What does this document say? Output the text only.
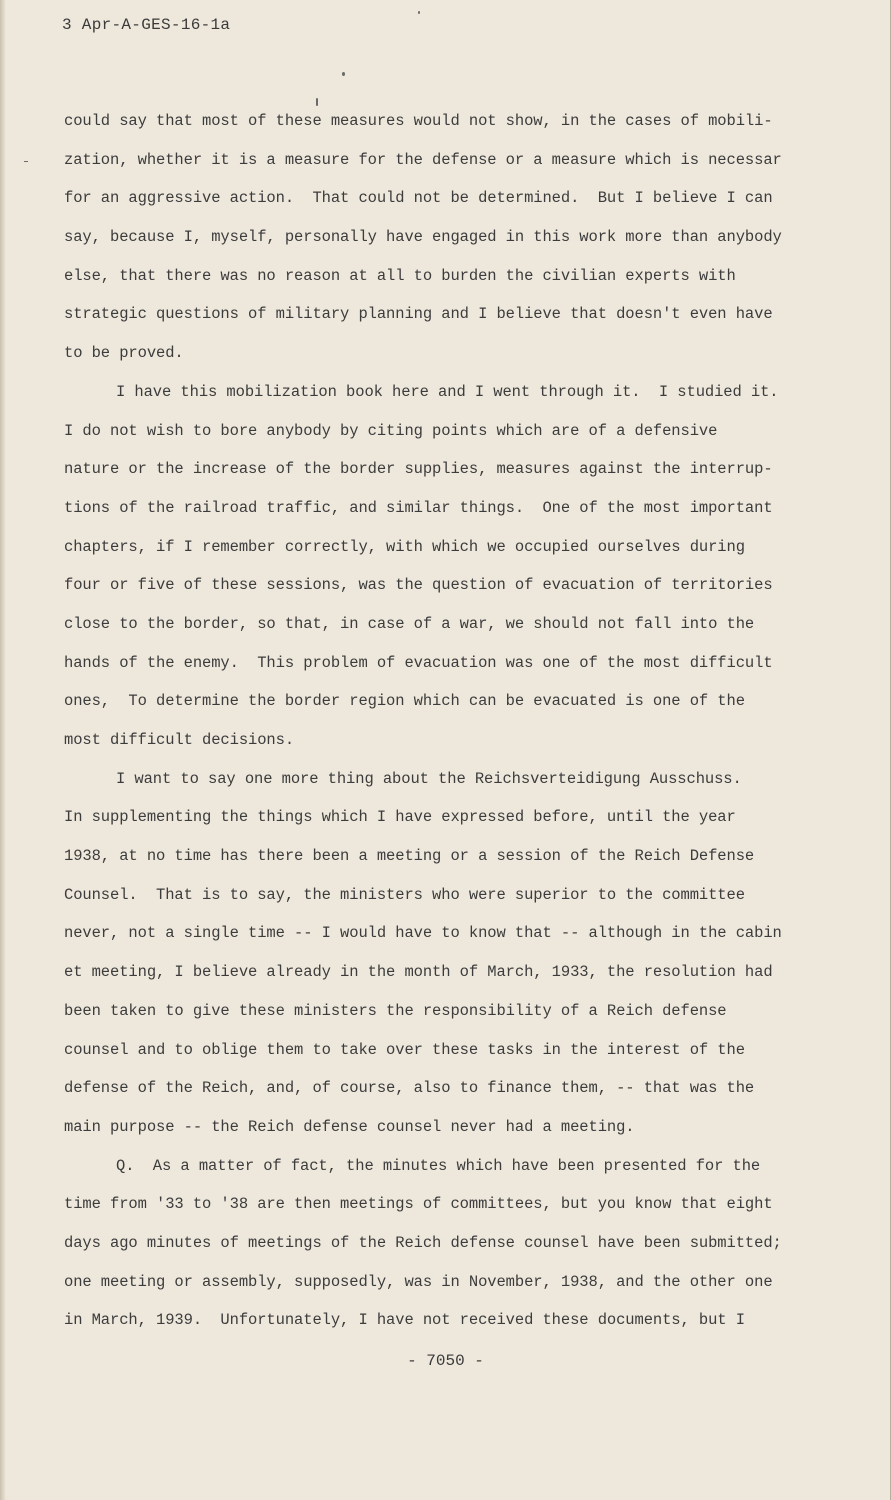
3 Apr-A-GES-16-1a
could say that most of these measures would not show, in the cases of mobili-
zation, whether it is a measure for the defense or a measure which is necessar
for an aggressive action.  That could not be determined.  But I believe I can
say, because I, myself, personally have engaged in this work more than anybody
else, that there was no reason at all to burden the civilian experts with
strategic questions of military planning and I believe that doesn't even have
to be proved.
I have this mobilization book here and I went through it.  I studied it.
I do not wish to bore anybody by citing points which are of a defensive
nature or the increase of the border supplies, measures against the interrup-
tions of the railroad traffic, and similar things.  One of the most important
chapters, if I remember correctly, with which we occupied ourselves during
four or five of these sessions, was the question of evacuation of territories
close to the border, so that, in case of a war, we should not fall into the
hands of the enemy.  This problem of evacuation was one of the most difficult
ones,  To determine the border region which can be evacuated is one of the
most difficult decisions.
I want to say one more thing about the Reichsverteidigung Ausschuss.
In supplementing the things which I have expressed before, until the year
1938, at no time has there been a meeting or a session of the Reich Defense
Counsel.  That is to say, the ministers who were superior to the committee
never, not a single time -- I would have to know that -- although in the cabin
et meeting, I believe already in the month of March, 1933, the resolution had
been taken to give these ministers the responsibility of a Reich defense
counsel and to oblige them to take over these tasks in the interest of the
defense of the Reich, and, of course, also to finance them, -- that was the
main purpose -- the Reich defense counsel never had a meeting.
Q.  As a matter of fact, the minutes which have been presented for the
time from '33 to '38 are then meetings of committees, but you know that eight
days ago minutes of meetings of the Reich defense counsel have been submitted;
one meeting or assembly, supposedly, was in November, 1938, and the other one
in March, 1939.  Unfortunately, I have not received these documents, but I
- 7050 -
